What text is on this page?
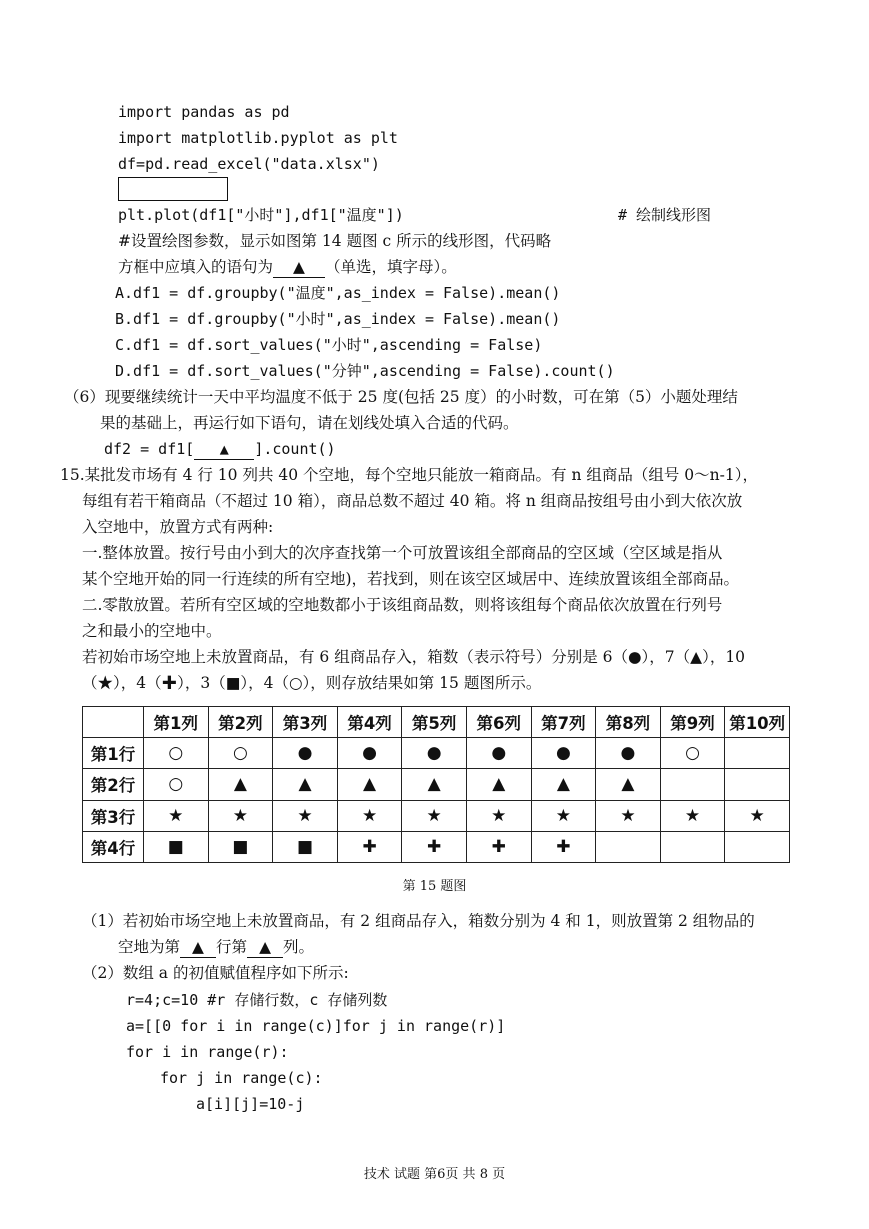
import pandas as pd
import matplotlib.pyplot as plt
df=pd.read_excel("data.xlsx")
plt.plot(df1["小时"],df1["温度"])	# 绘制线形图
#设置绘图参数，显示如图第 14 题图 c 所示的线形图，代码略
方框中应填入的语句为 ▲ （单选，填字母）。
A.df1 = df.groupby("温度",as_index = False).mean()
B.df1 = df.groupby("小时",as_index = False).mean()
C.df1 = df.sort_values("小时",ascending = False)
D.df1 = df.sort_values("分钟",ascending = False).count()
（6）现要继续统计一天中平均温度不低于 25 度(包括 25 度）的小时数，可在第（5）小题处理结
果的基础上，再运行如下语句，请在划线处填入合适的代码。
df2 = df1[ ▲ ].count()
15.某批发市场有 4 行 10 列共 40 个空地，每个空地只能放一箱商品。有 n 组商品（组号 0～n-1），
每组有若干箱商品（不超过 10 箱），商品总数不超过 40 箱。将 n 组商品按组号由小到大依次放
入空地中，放置方式有两种:
一.整体放置。按行号由小到大的次序查找第一个可放置该组全部商品的空区域（空区域是指从
某个空地开始的同一行连续的所有空地)，若找到，则在该空区域居中、连续放置该组全部商品。
二.零散放置。若所有空区域的空地数都小于该组商品数，则将该组每个商品依次放置在行列号
之和最小的空地中。
若初始市场空地上未放置商品，有 6 组商品存入，箱数（表示符号）分别是 6（●），7（▲），10
（★），4（✚），3（■），4（○），则存放结果如第 15 题图所示。
	第1列	第2列	第3列	第4列	第5列	第6列	第7列	第8列	第9列	第10列
第1行	○	○	●	●	●	●	●	●	○	
第2行	○	▲	▲	▲	▲	▲	▲	▲		
第3行	★	★	★	★	★	★	★	★	★	★
第4行	■	■	■	✚	✚	✚	✚			
第 15 题图
（1）若初始市场空地上未放置商品，有 2 组商品存入，箱数分别为 4 和 1，则放置第 2 组物品的
空地为第 ▲ 行第 ▲ 列。
（2）数组 a 的初值赋值程序如下所示:
r=4;c=10 #r 存储行数，c 存储列数
a=[[0 for i in range(c)]for j in range(r)]
for i in range(r):
for j in range(c):
a[i][j]=10-j
技术 试题 第6页 共 8 页
